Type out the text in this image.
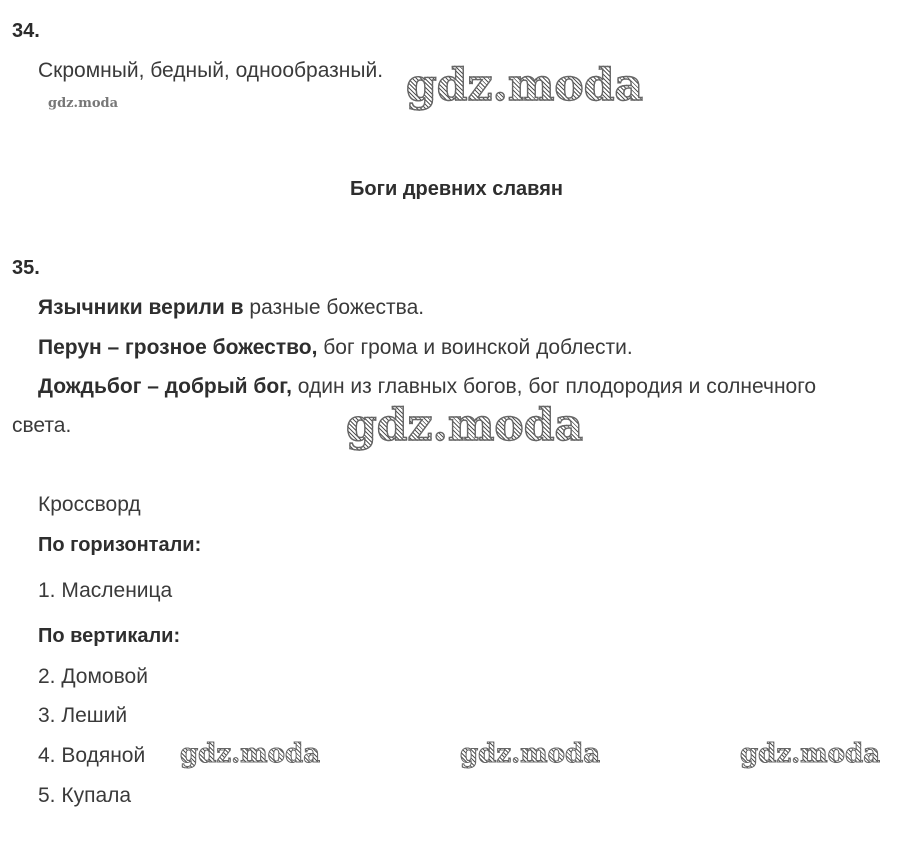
34.
Скромный, бедный, однообразный. gdz.moda
gdz.moda
Боги древних славян
35.
Язычники верили в разные божества.
Перун – грозное божество, бог грома и воинской доблести.
Дождьбог – добрый бог, один из главных богов, бог плодородия и солнечного
света.	gdz.moda
Кроссворд
По горизонтали:
1. Масленица
По вертикали:
2. Домовой
3. Леший
4. Водяной
5. Купала
gdz.moda	gdz.moda	gdz.moda
